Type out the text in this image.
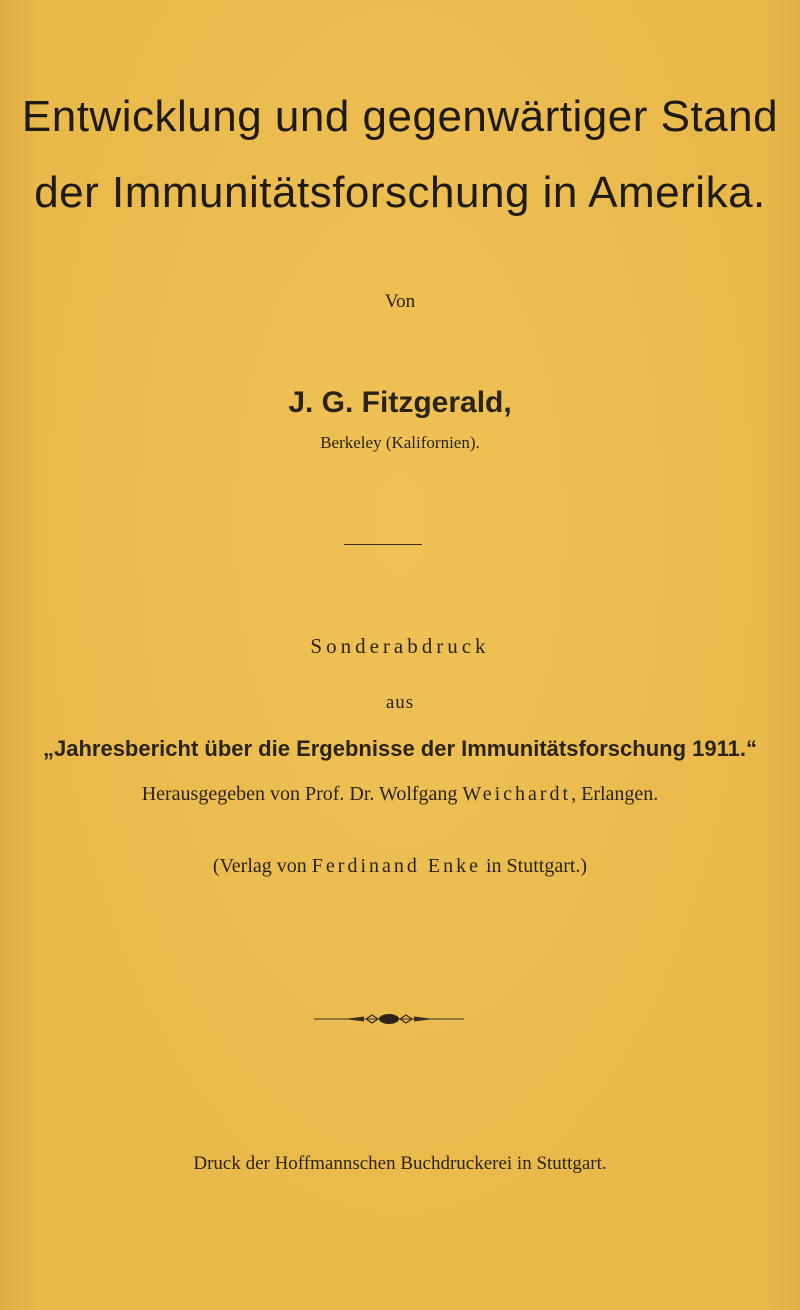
Entwicklung und gegenwärtiger Stand
der Immunitätsforschung in Amerika.
Von
J. G. Fitzgerald,
Berkeley (Kalifornien).
Sonderabdruck
aus
„Jahresbericht über die Ergebnisse der Immunitätsforschung 1911.“
Herausgegeben von Prof. Dr. Wolfgang Weichardt, Erlangen.
(Verlag von Ferdinand Enke in Stuttgart.)
Druck der Hoffmannschen Buchdruckerei in Stuttgart.
